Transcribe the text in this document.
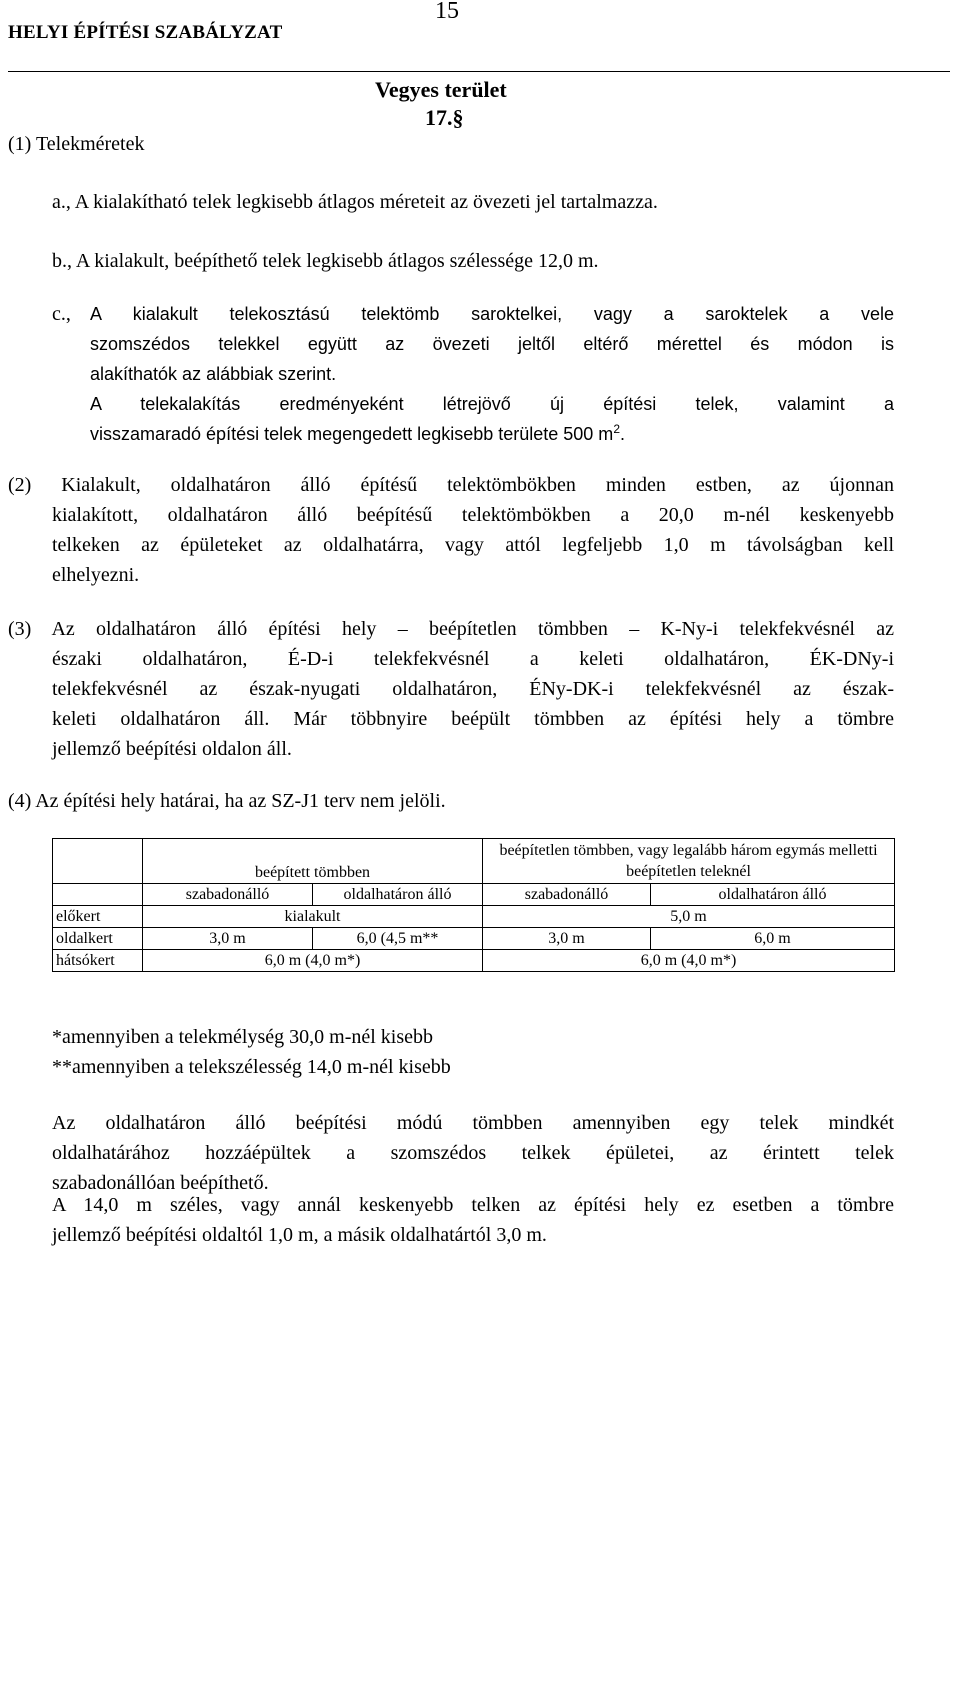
HELYI ÉPÍTÉSI SZABÁLYZAT
15
Vegyes terület
17.§
(1) Telekméretek
a., A kialakítható telek legkisebb átlagos méreteit az övezeti jel tartalmazza.
b., A kialakult, beépíthető telek legkisebb átlagos szélessége 12,0 m.
c., A kialakult telekosztású telektömb saroktelkei, vagy a saroktelek a vele
szomszédos telekkel együtt az övezeti jeltől eltérő mérettel és módon is
alakíthatók az alábbiak szerint.
A telekalakítás eredményeként létrejövő új építési telek, valamint a
visszamaradó építési telek megengedett legkisebb területe 500 $m^2$.
(2) Kialakult, oldalhatáron álló építésű telektömbökben minden estben, az újonnan
kialakított, oldalhatáron álló beépítésű telektömbökben a 20,0 m-nél keskenyebb
telkeken az épületeket az oldalhatárra, vagy attól legfeljebb 1,0 m távolságban kell
elhelyezni.
(3) Az oldalhatáron álló építési hely – beépítetlen tömbben – K-Ny-i telekfekvésnél az
északi oldalhatáron, É-D-i telekfekvésnél a keleti oldalhatáron, ÉK-DNy-i
telekfekvésnél az észak-nyugati oldalhatáron, ÉNy-DK-i telekfekvésnél az észak-
keleti oldalhatáron áll. Már többnyire beépült tömbben az építési hely a tömbre
jellemző beépítési oldalon áll.
(4) Az építési hely határai, ha az SZ-J1 terv nem jelöli.
	beépített tömbben		beépítetlen tömbben, vagy legalább három egymás melletti beépítetlen teleknél	
	szabadonálló	oldalhatáron álló	szabadonálló	oldalhatáron álló
előkert	kialakult		5,0 m	
oldalkert	3,0 m	6,0 (4,5 m**	3,0 m	6,0 m
hátsókert	6,0 m (4,0 m*)		6,0 m (4,0 m*)	
*amennyiben a telekmélység 30,0 m-nél kisebb
**amennyiben a telekszélesség 14,0 m-nél kisebb
Az oldalhatáron álló beépítési módú tömbben amennyiben egy telek mindkét
oldalhatárához hozzáépültek a szomszédos telkek épületei, az érintett telek
szabadonállóan beépíthető.
A 14,0 m széles, vagy annál keskenyebb telken az építési hely ez esetben a tömbre
jellemző beépítési oldaltól 1,0 m, a másik oldalhatártól 3,0 m.
